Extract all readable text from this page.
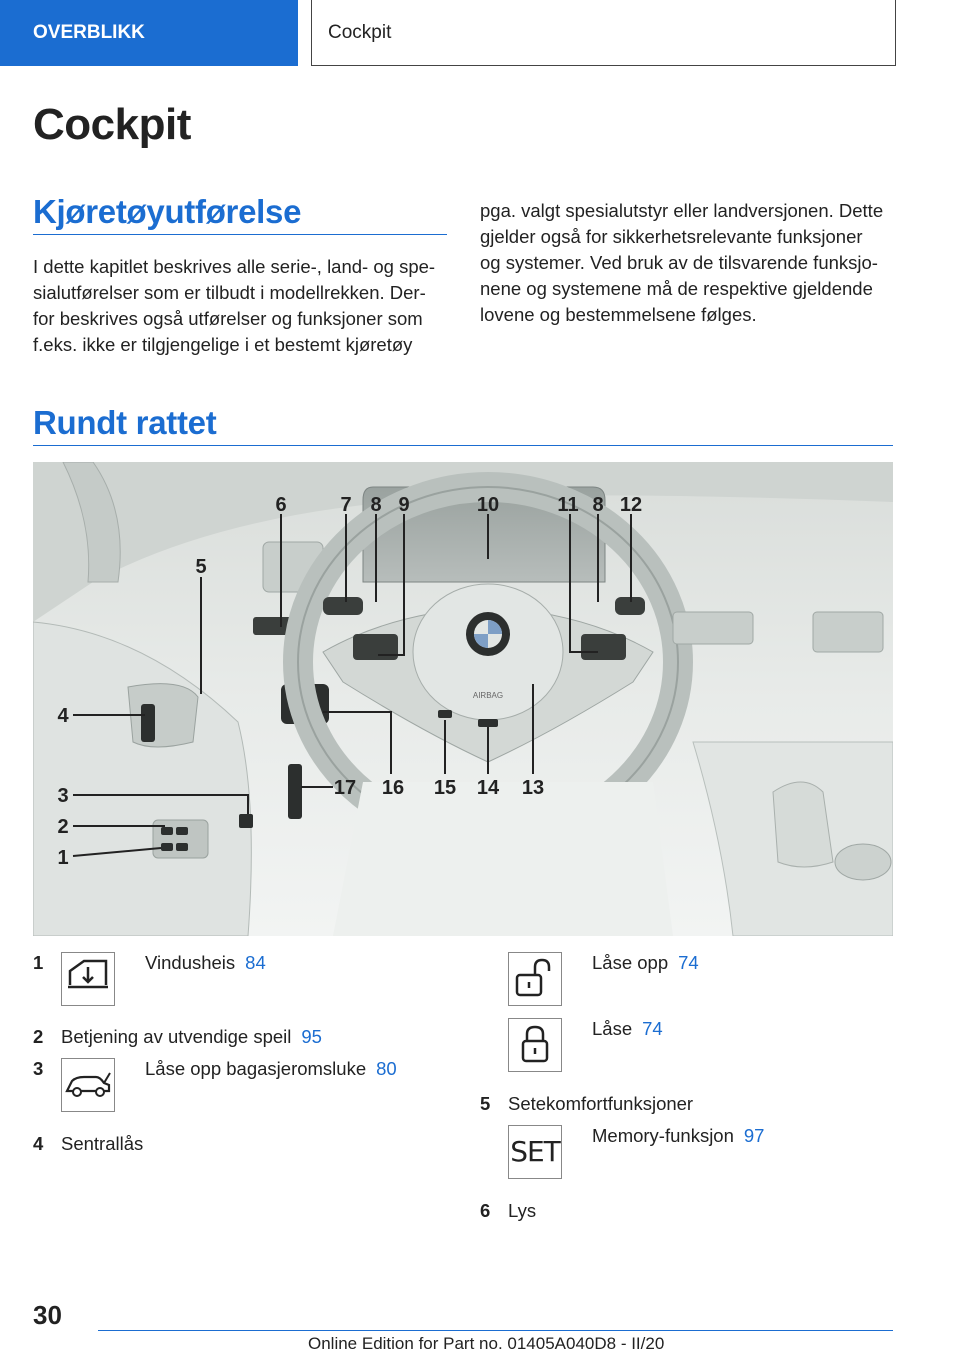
OVERBLIKK	Cockpit
Cockpit
Kjøretøyutførelse
I dette kapitlet beskrives alle serie-, land- og spe-
sialutførelser som er tilbudt i modellrekken. Der-
for beskrives også utførelser og funksjoner som
f.eks. ikke er tilgjengelige i et bestemt kjøretøy
pga. valgt spesialutstyr eller landversjonen. Dette
gjelder også for sikkerhetsrelevante funksjoner
og systemer. Ved bruk av de tilsvarende funksjo-
nene og systemene må de respektive gjeldende
lovene og bestemmelsene følges.
Rundt rattet
AIRBAG
6	7 8 9	10	11 8 12
5
4
3
2
1
17 16 15 14 13
1	Vindusheis 84
2 Betjening av utvendige speil 95
3	Låse opp bagasjeromsluke 80
4 Sentrallås
Låse opp 74
Låse 74
5 Setekomfortfunksjoner
SET Memory-funksjon 97
6 Lys
30
Online Edition for Part no. 01405A040D8 - II/20
